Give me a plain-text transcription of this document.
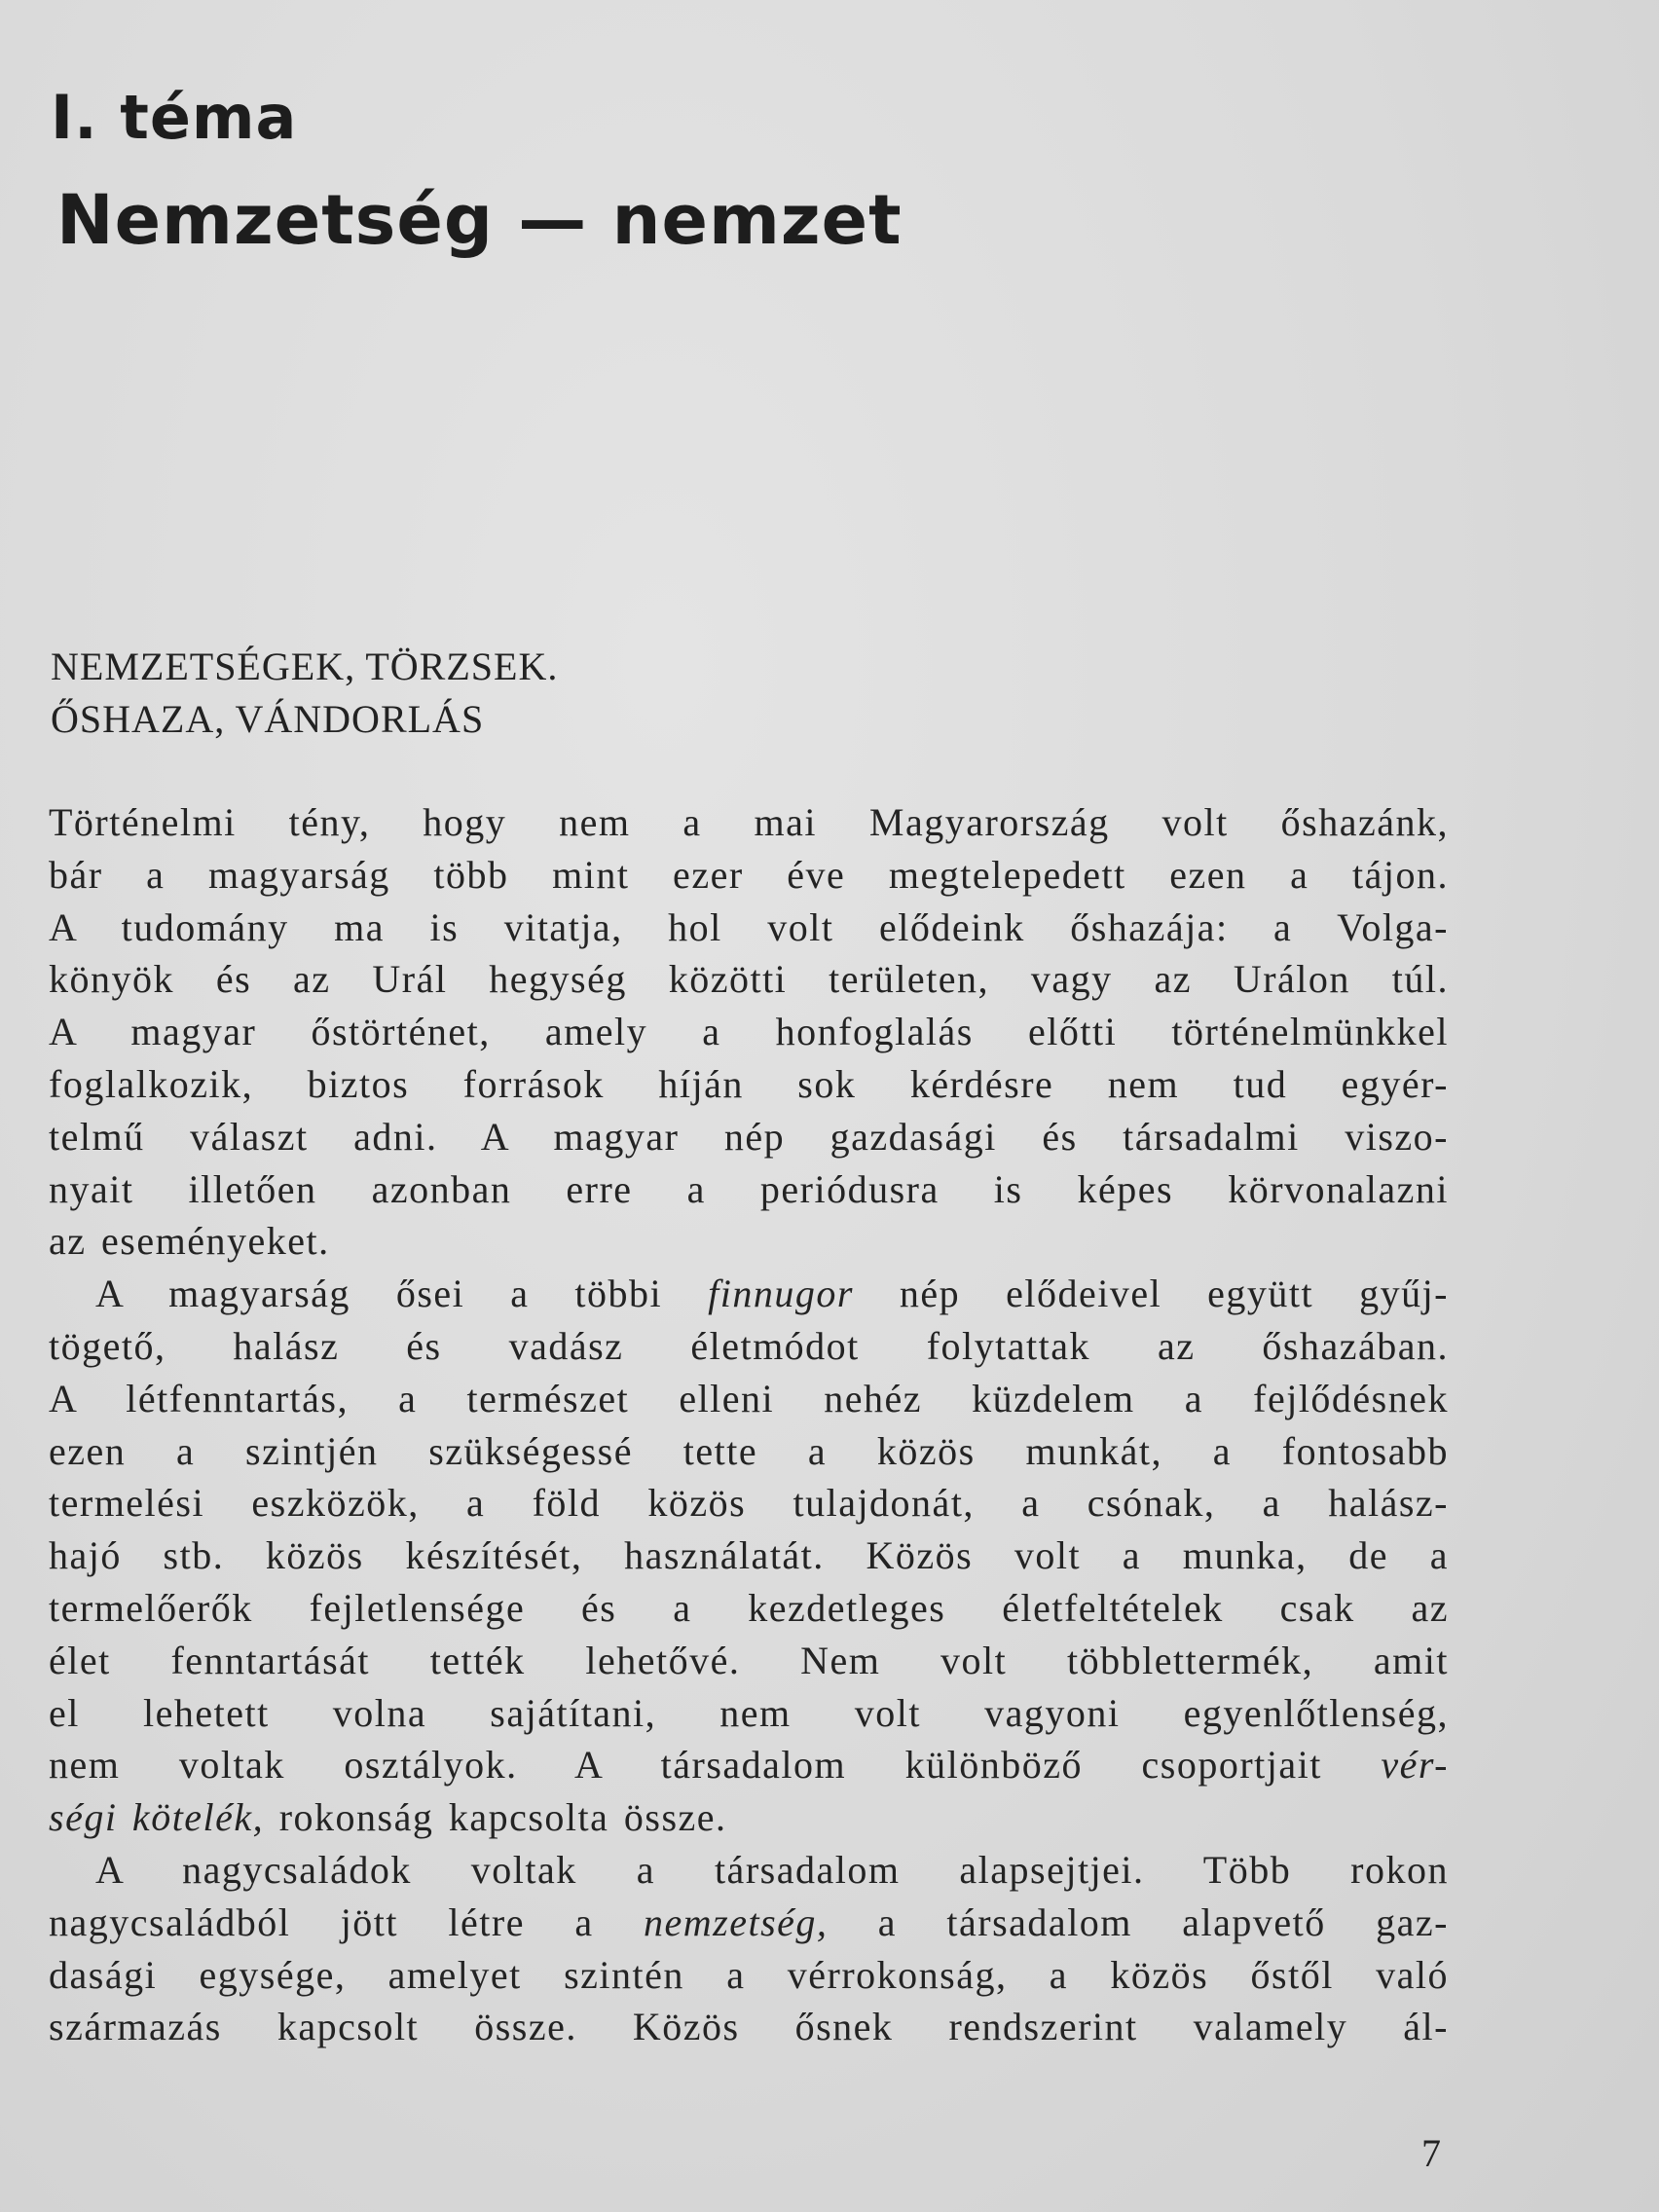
I. téma
Nemzetség — nemzet
NEMZETSÉGEK, TÖRZSEK.
ŐSHAZA, VÁNDORLÁS
Történelmi tény, hogy nem a mai Magyarország volt őshazánk,
bár a magyarság több mint ezer éve megtelepedett ezen a tájon.
A tudomány ma is vitatja, hol volt elődeink őshazája: a Volga-
könyök és az Urál hegység közötti területen, vagy az Urálon túl.
A magyar őstörténet, amely a honfoglalás előtti történelmünkkel
foglalkozik, biztos források híján sok kérdésre nem tud egyér-
telmű választ adni. A magyar nép gazdasági és társadalmi viszo-
nyait illetően azonban erre a periódusra is képes körvonalazni
az eseményeket.
A magyarság ősei a többi finnugor nép elődeivel együtt gyűj-
tögető, halász és vadász életmódot folytattak az őshazában.
A létfenntartás, a természet elleni nehéz küzdelem a fejlődésnek
ezen a szintjén szükségessé tette a közös munkát, a fontosabb
termelési eszközök, a föld közös tulajdonát, a csónak, a halász-
hajó stb. közös készítését, használatát. Közös volt a munka, de a
termelőerők fejletlensége és a kezdetleges életfeltételek csak az
élet fenntartását tették lehetővé. Nem volt többlettermék, amit
el lehetett volna sajátítani, nem volt vagyoni egyenlőtlenség,
nem voltak osztályok. A társadalom különböző csoportjait vér-
ségi kötelék, rokonság kapcsolta össze.
A nagycsaládok voltak a társadalom alapsejtjei. Több rokon
nagycsaládból jött létre a nemzetség, a társadalom alapvető gaz-
dasági egysége, amelyet szintén a vérrokonság, a közös őstől való
származás kapcsolt össze. Közös ősnek rendszerint valamely ál-
7
